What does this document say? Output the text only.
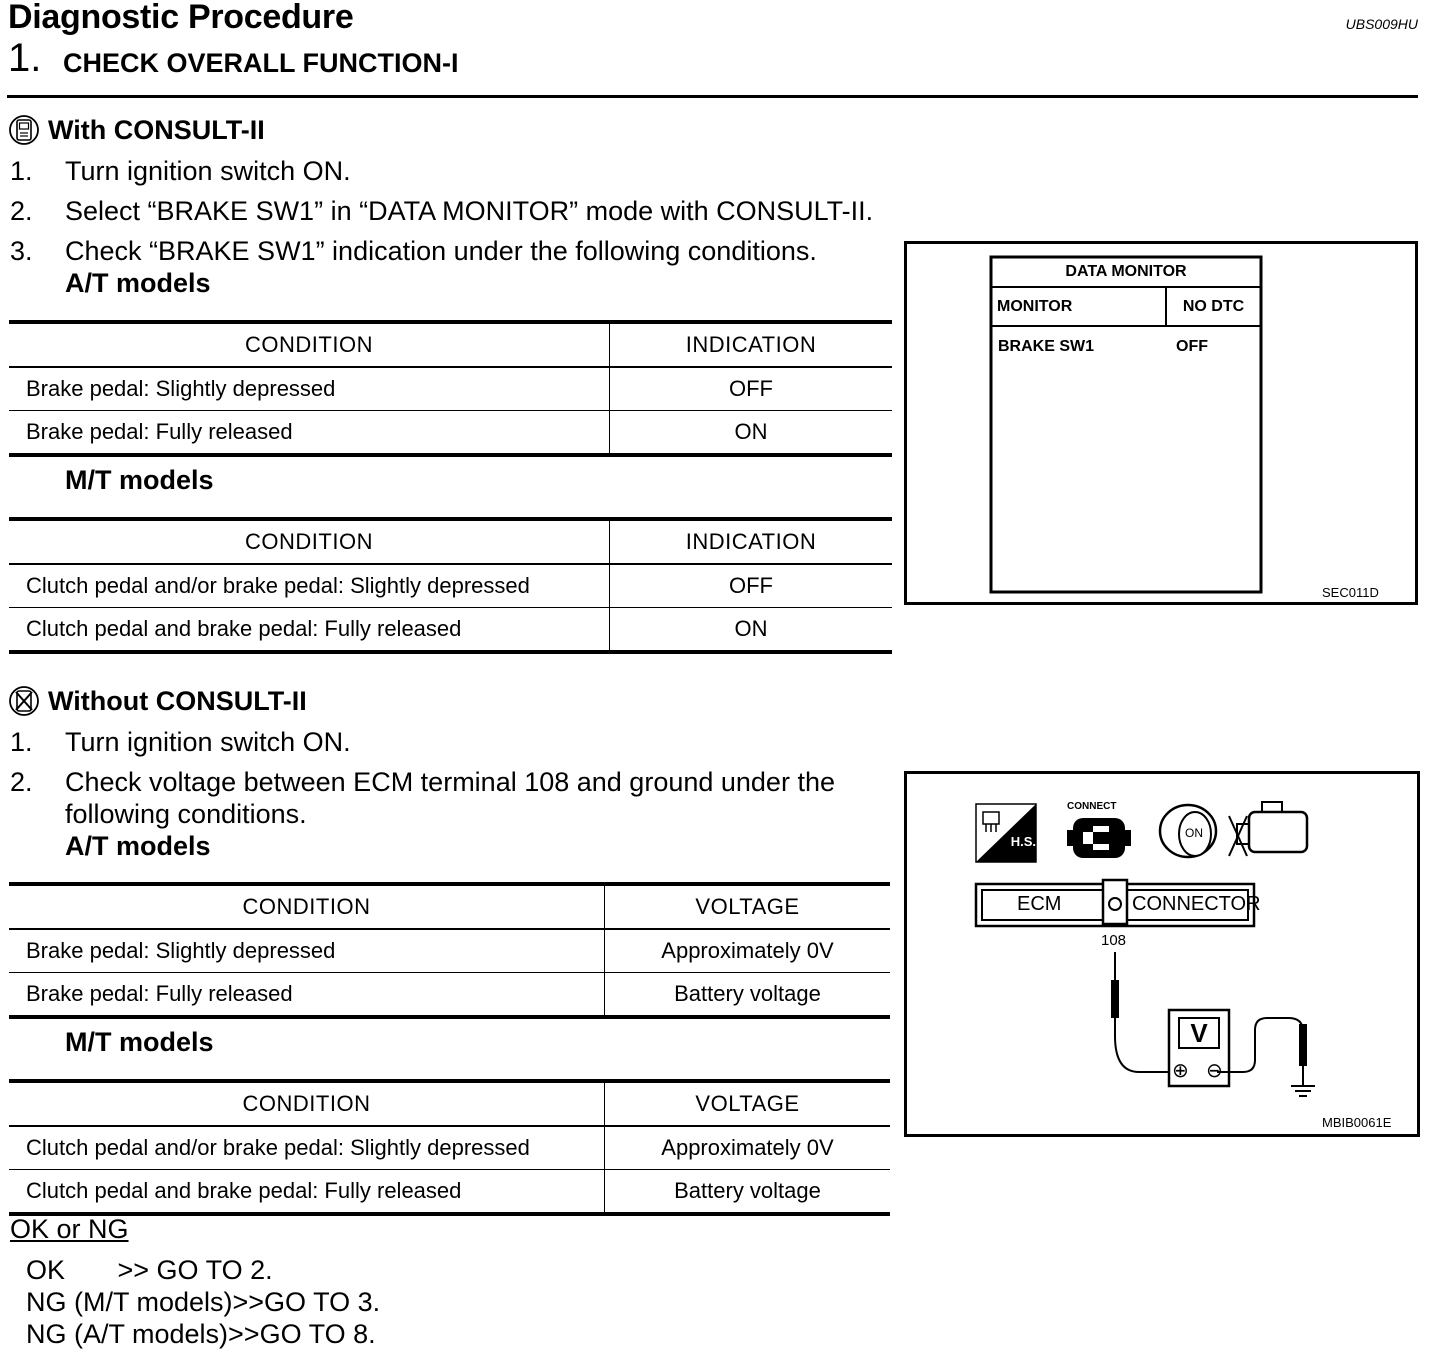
Diagnostic Procedure	UBS009HU
1. CHECK OVERALL FUNCTION-I
With CONSULT-II
1. Turn ignition switch ON.
2. Select “BRAKE SW1” in “DATA MONITOR” mode with CONSULT-II.
3. Check “BRAKE SW1” indication under the following conditions.
A/T models
CONDITION	INDICATION
Brake pedal: Slightly depressed	OFF
Brake pedal: Fully released	ON
M/T models
CONDITION	INDICATION
Clutch pedal and/or brake pedal: Slightly depressed	OFF
Clutch pedal and brake pedal: Fully released	ON
DATA MONITOR
MONITOR	NO DTC
BRAKE SW1	OFF
SEC011D
Without CONSULT-II
1. Turn ignition switch ON.
2. Check voltage between ECM terminal 108 and ground under the
following conditions.
A/T models
CONDITION	VOLTAGE
Brake pedal: Slightly depressed	Approximately 0V
Brake pedal: Fully released	Battery voltage
M/T models
CONDITION	VOLTAGE
Clutch pedal and/or brake pedal: Slightly depressed	Approximately 0V
Clutch pedal and brake pedal: Fully released	Battery voltage
H.S.
CONNECT
ON
ECM	CONNECTOR
108
V
⊕ ⊖
MBIB0061E
OK or NG
OK       >> GO TO 2.
NG (M/T models)>>GO TO 3.
NG (A/T models)>>GO TO 8.
